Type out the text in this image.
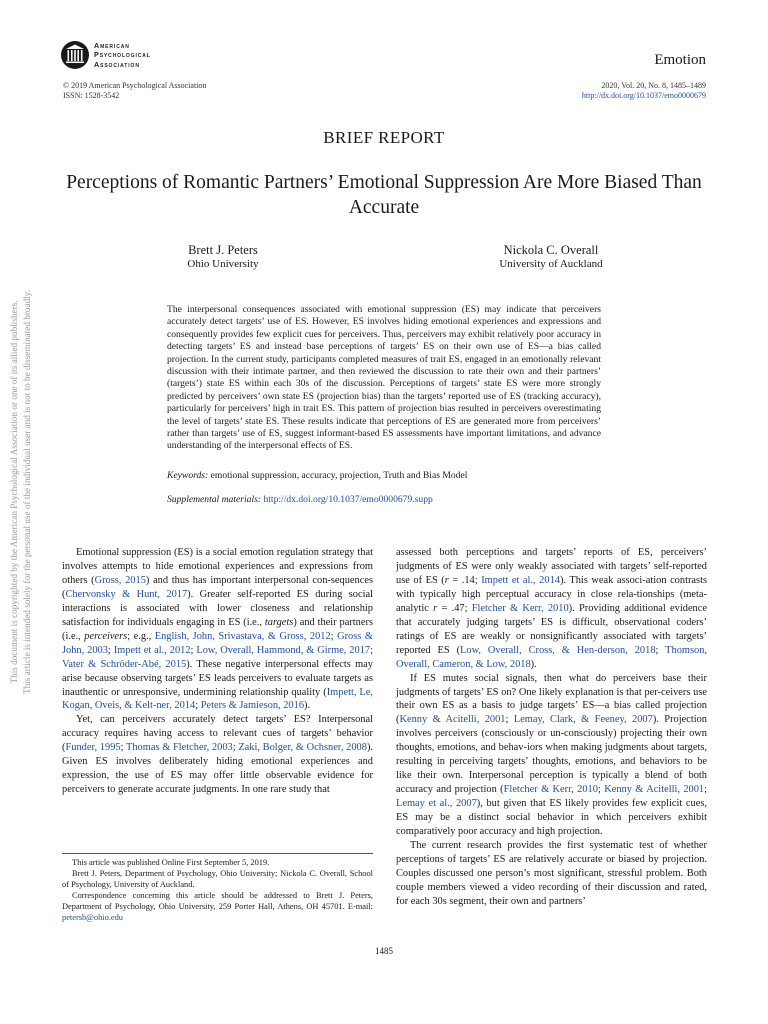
American
Psychological
Association	Emotion
© 2019 American Psychological Association
ISSN: 1528-3542
2020, Vol. 20, No. 8, 1485–1489
http://dx.doi.org/10.1037/emo0000679
BRIEF REPORT
Perceptions of Romantic Partners’ Emotional Suppression Are More Biased Than Accurate
Brett J. Peters
Ohio University
Nickola C. Overall
University of Auckland
The interpersonal consequences associated with emotional suppression (ES) may indicate that perceivers accurately detect targets’ use of ES. However, ES involves hiding emotional experiences and expressions and consequently provides few explicit cues for perceivers. Thus, perceivers may exhibit relatively poor accuracy in detecting targets’ ES and instead base perceptions of targets’ ES on their own use of ES—a bias called projection. In the current study, participants completed measures of trait ES, engaged in an emotionally relevant discussion with their intimate partner, and then reviewed the discussion to rate their own and their partners’ (targets’) state ES within each 30s of the discussion. Perceptions of targets’ state ES were more strongly predicted by perceivers’ own state ES (projection bias) than the targets’ reported use of ES (tracking accuracy), particularly for perceivers’ high in trait ES. This pattern of projection bias resulted in perceivers overestimating the level of targets’ state ES. These results indicate that perceptions of ES are generated more from perceivers’ rather than targets’ use of ES, suggest informant-based ES assessments have important limitations, and advance understanding of the interpersonal effects of ES.
Keywords: emotional suppression, accuracy, projection, Truth and Bias Model
Supplemental materials: http://dx.doi.org/10.1037/emo0000679.supp

Emotional suppression (ES) is a social emotion regulation strategy that involves attempts to hide emotional experiences and expressions from others (Gross, 2015) and thus has important interpersonal con-sequences (Chervonsky & Hunt, 2017). Greater self-reported ES during social interactions is associated with lower closeness and relationship satisfaction for individuals engaging in ES (i.e., targets) and their partners (i.e., perceivers; e.g., English, John, Srivastava, & Gross, 2012; Gross & John, 2003; Impett et al., 2012; Low, Overall, Hammond, & Girme, 2017; Vater & Schröder-Abé, 2015). These negative interpersonal effects may arise because observing targets’ ES leads perceivers to evaluate targets as inauthentic or unresponsive, undermining relationship quality (Impett, Le, Kogan, Oveis, & Kelt-ner, 2014; Peters & Jamieson, 2016).

Yet, can perceivers accurately detect targets’ ES? Interpersonal accuracy requires having access to relevant cues of targets’ behavior (Funder, 1995; Thomas & Fletcher, 2003; Zaki, Bolger, & Ochsner, 2008). Given ES involves deliberately hiding emotional experiences and expression, the use of ES may offer little observable evidence for perceivers to generate accurate judgments. In one rare study that

assessed both perceptions and targets’ reports of ES, perceivers’ judgments of ES were only weakly associated with targets’ self-reported use of ES (r = .14; Impett et al., 2014). This weak associ-ation contrasts with typically high perceptual accuracy in close rela-tionships (meta-analytic r = .47; Fletcher & Kerr, 2010). Providing additional evidence that accurately judging targets’ ES is difficult, observational coders’ ratings of ES are weakly or nonsignificantly associated with targets’ reported ES (Low, Overall, Cross, & Hen-derson, 2018; Thomson, Overall, Cameron, & Low, 2018).

If ES mutes social signals, then what do perceivers base their judgments of targets’ ES on? One likely explanation is that per-ceivers use their own ES as a basis to judge targets’ ES—a bias called projection (Kenny & Acitelli, 2001; Lemay, Clark, & Feeney, 2007). Projection involves perceivers (consciously or un-consciously) projecting their own thoughts, emotions, and behav-iors when making judgments about targets, resulting in perceiving targets’ thoughts, emotions, and behaviors to be like their own. Interpersonal perception is typically a blend of both accuracy and projection (Fletcher & Kerr, 2010; Kenny & Acitelli, 2001; Lemay et al., 2007), but given that ES likely provides few explicit cues, ES may be a distinct social behavior in which perceivers exhibit comparatively poor accuracy and high projection.

The current research provides the first systematic test of whether perceptions of targets’ ES are relatively accurate or biased by projection. Couples discussed one person’s most significant, stressful problem. Both couple members viewed a video recording of their discussion and rated, for each 30s segment, their own and partners’

This article was published Online First September 5, 2019.

Brett J. Peters, Department of Psychology, Ohio University; Nickola C. Overall, School of Psychology, University of Auckland.

Correspondence concerning this article should be addressed to Brett J. Peters, Department of Psychology, Ohio University, 259 Porter Hall, Athens, OH 45701. E-mail: petersb@ohio.edu

1485
This document is copyrighted by the American Psychological Association or one of its allied publishers. This article is intended solely for the personal use of the individual user and is not to be disseminated broadly.
